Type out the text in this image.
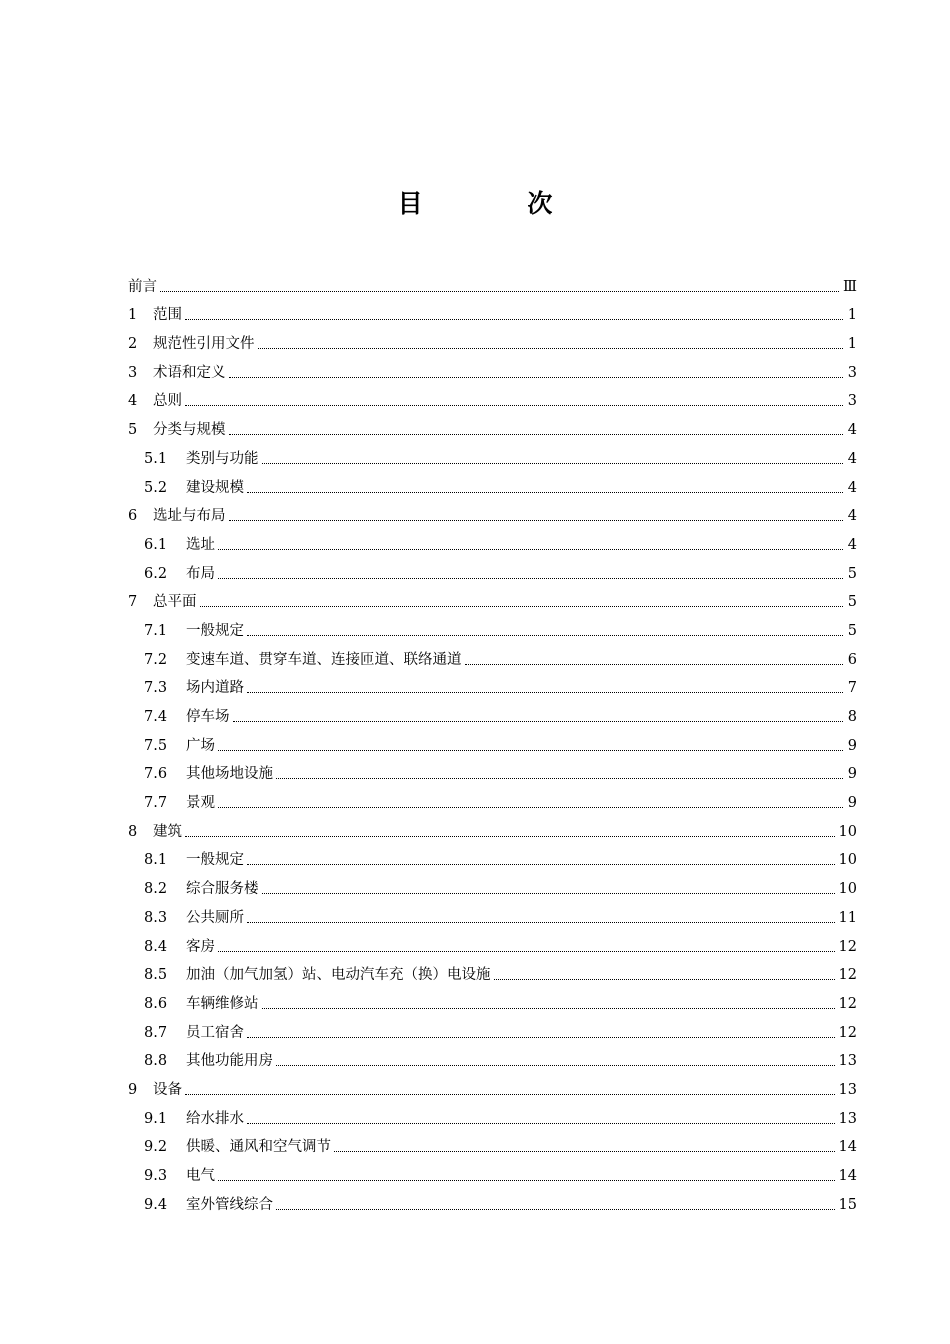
目 次
前言	Ⅲ
1	范围	1
2	规范性引用文件	1
3	术语和定义	3
4	总则	3
5	分类与规模	4
5.1	类别与功能	4
5.2	建设规模	4
6	选址与布局	4
6.1	选址	4
6.2	布局	5
7	总平面	5
7.1	一般规定	5
7.2	变速车道、贯穿车道、连接匝道、联络通道	6
7.3	场内道路	7
7.4	停车场	8
7.5	广场	9
7.6	其他场地设施	9
7.7	景观	9
8	建筑	10
8.1	一般规定	10
8.2	综合服务楼	10
8.3	公共厕所	11
8.4	客房	12
8.5	加油（加气加氢）站、电动汽车充（换）电设施	12
8.6	车辆维修站	12
8.7	员工宿舍	12
8.8	其他功能用房	13
9	设备	13
9.1	给水排水	13
9.2	供暖、通风和空气调节	14
9.3	电气	14
9.4	室外管线综合	15
